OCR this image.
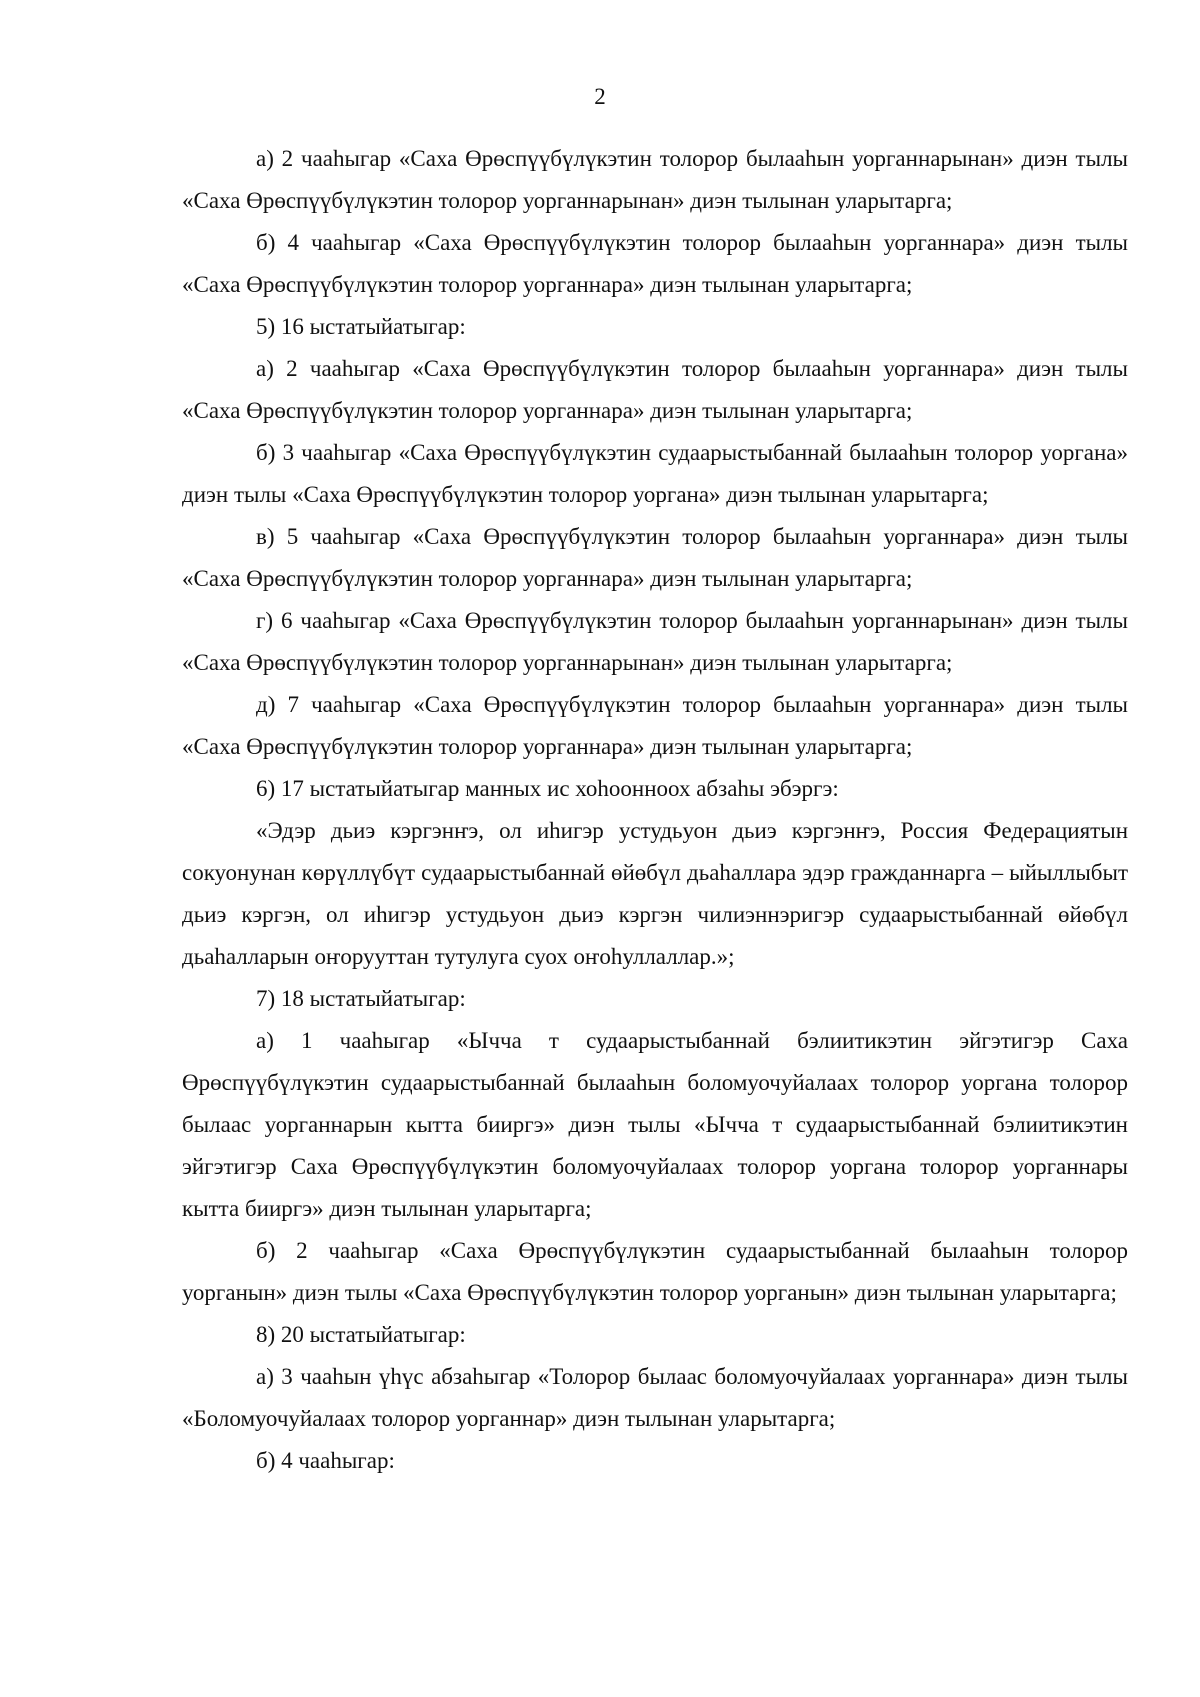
2

а) 2 чааһыгар «Саха Өрөспүүбүлүкэтин толорор былааһын уорганнарынан» диэн тылы «Саха Өрөспүүбүлүкэтин толорор уорганнарынан» диэн тылынан уларытарга;

б) 4 чааһыгар «Саха Өрөспүүбүлүкэтин толорор былааһын уорганнара» диэн тылы «Саха Өрөспүүбүлүкэтин толорор уорганнара» диэн тылынан уларытарга;

5) 16 ыстатыйатыгар:

а) 2 чааһыгар «Саха Өрөспүүбүлүкэтин толорор былааһын уорганнара» диэн тылы «Саха Өрөспүүбүлүкэтин толорор уорганнара» диэн тылынан уларытарга;

б) 3 чааһыгар «Саха Өрөспүүбүлүкэтин судаарыстыбаннай былааһын толорор уоргана» диэн тылы «Саха Өрөспүүбүлүкэтин толорор уоргана» диэн тылынан уларытарга;

в) 5 чааһыгар «Саха Өрөспүүбүлүкэтин толорор былааһын уорганнара» диэн тылы «Саха Өрөспүүбүлүкэтин толорор уорганнара» диэн тылынан уларытарга;

г) 6 чааһыгар «Саха Өрөспүүбүлүкэтин толорор былааһын уорганнарынан» диэн тылы «Саха Өрөспүүбүлүкэтин толорор уорганнарынан» диэн тылынан уларытарга;

д) 7 чааһыгар «Саха Өрөспүүбүлүкэтин толорор былааһын уорганнара» диэн тылы «Саха Өрөспүүбүлүкэтин толорор уорганнара» диэн тылынан уларытарга;

6) 17 ыстатыйатыгар манных ис хоһоонноох абзаһы эбэргэ:

«Эдэр дьиэ кэргэнҥэ, ол иһигэр устудьуон дьиэ кэргэнҥэ, Россия Федерациятын сокуонунан көрүллүбүт судаарыстыбаннай өйөбүл дьаһаллара эдэр гражданнарга – ыйыллыбыт дьиэ кэргэн, ол иһигэр устудьуон дьиэ кэргэн чилиэннэригэр судаарыстыбаннай өйөбүл дьаһалларын оҥорууттан тутулуга суох оҥоһуллаллар.»;

7) 18 ыстатыйатыгар:

а) 1 чааһыгар «Ычча т судаарыстыбаннай бэлиитикэтин эйгэтигэр Саха Өрөспүүбүлүкэтин судаарыстыбаннай былааһын боломуочуйалаах толорор уоргана толорор былаас уорганнарын кытта бииргэ» диэн тылы «Ычча т судаарыстыбаннай бэлиитикэтин эйгэтигэр Саха Өрөспүүбүлүкэтин боломуочуйалаах толорор уоргана толорор уорганнары кытта бииргэ» диэн тылынан уларытарга;

б) 2 чааһыгар «Саха Өрөспүүбүлүкэтин судаарыстыбаннай былааһын толорор уорганын» диэн тылы «Саха Өрөспүүбүлүкэтин толорор уорганын» диэн тылынан уларытарга;

8) 20 ыстатыйатыгар:

а) 3 чааһын үһүс абзаһыгар «Толорор былаас боломуочуйалаах уорганнара» диэн тылы «Боломуочуйалаах толорор уорганнар» диэн тылынан уларытарга;

б) 4 чааһыгар:
